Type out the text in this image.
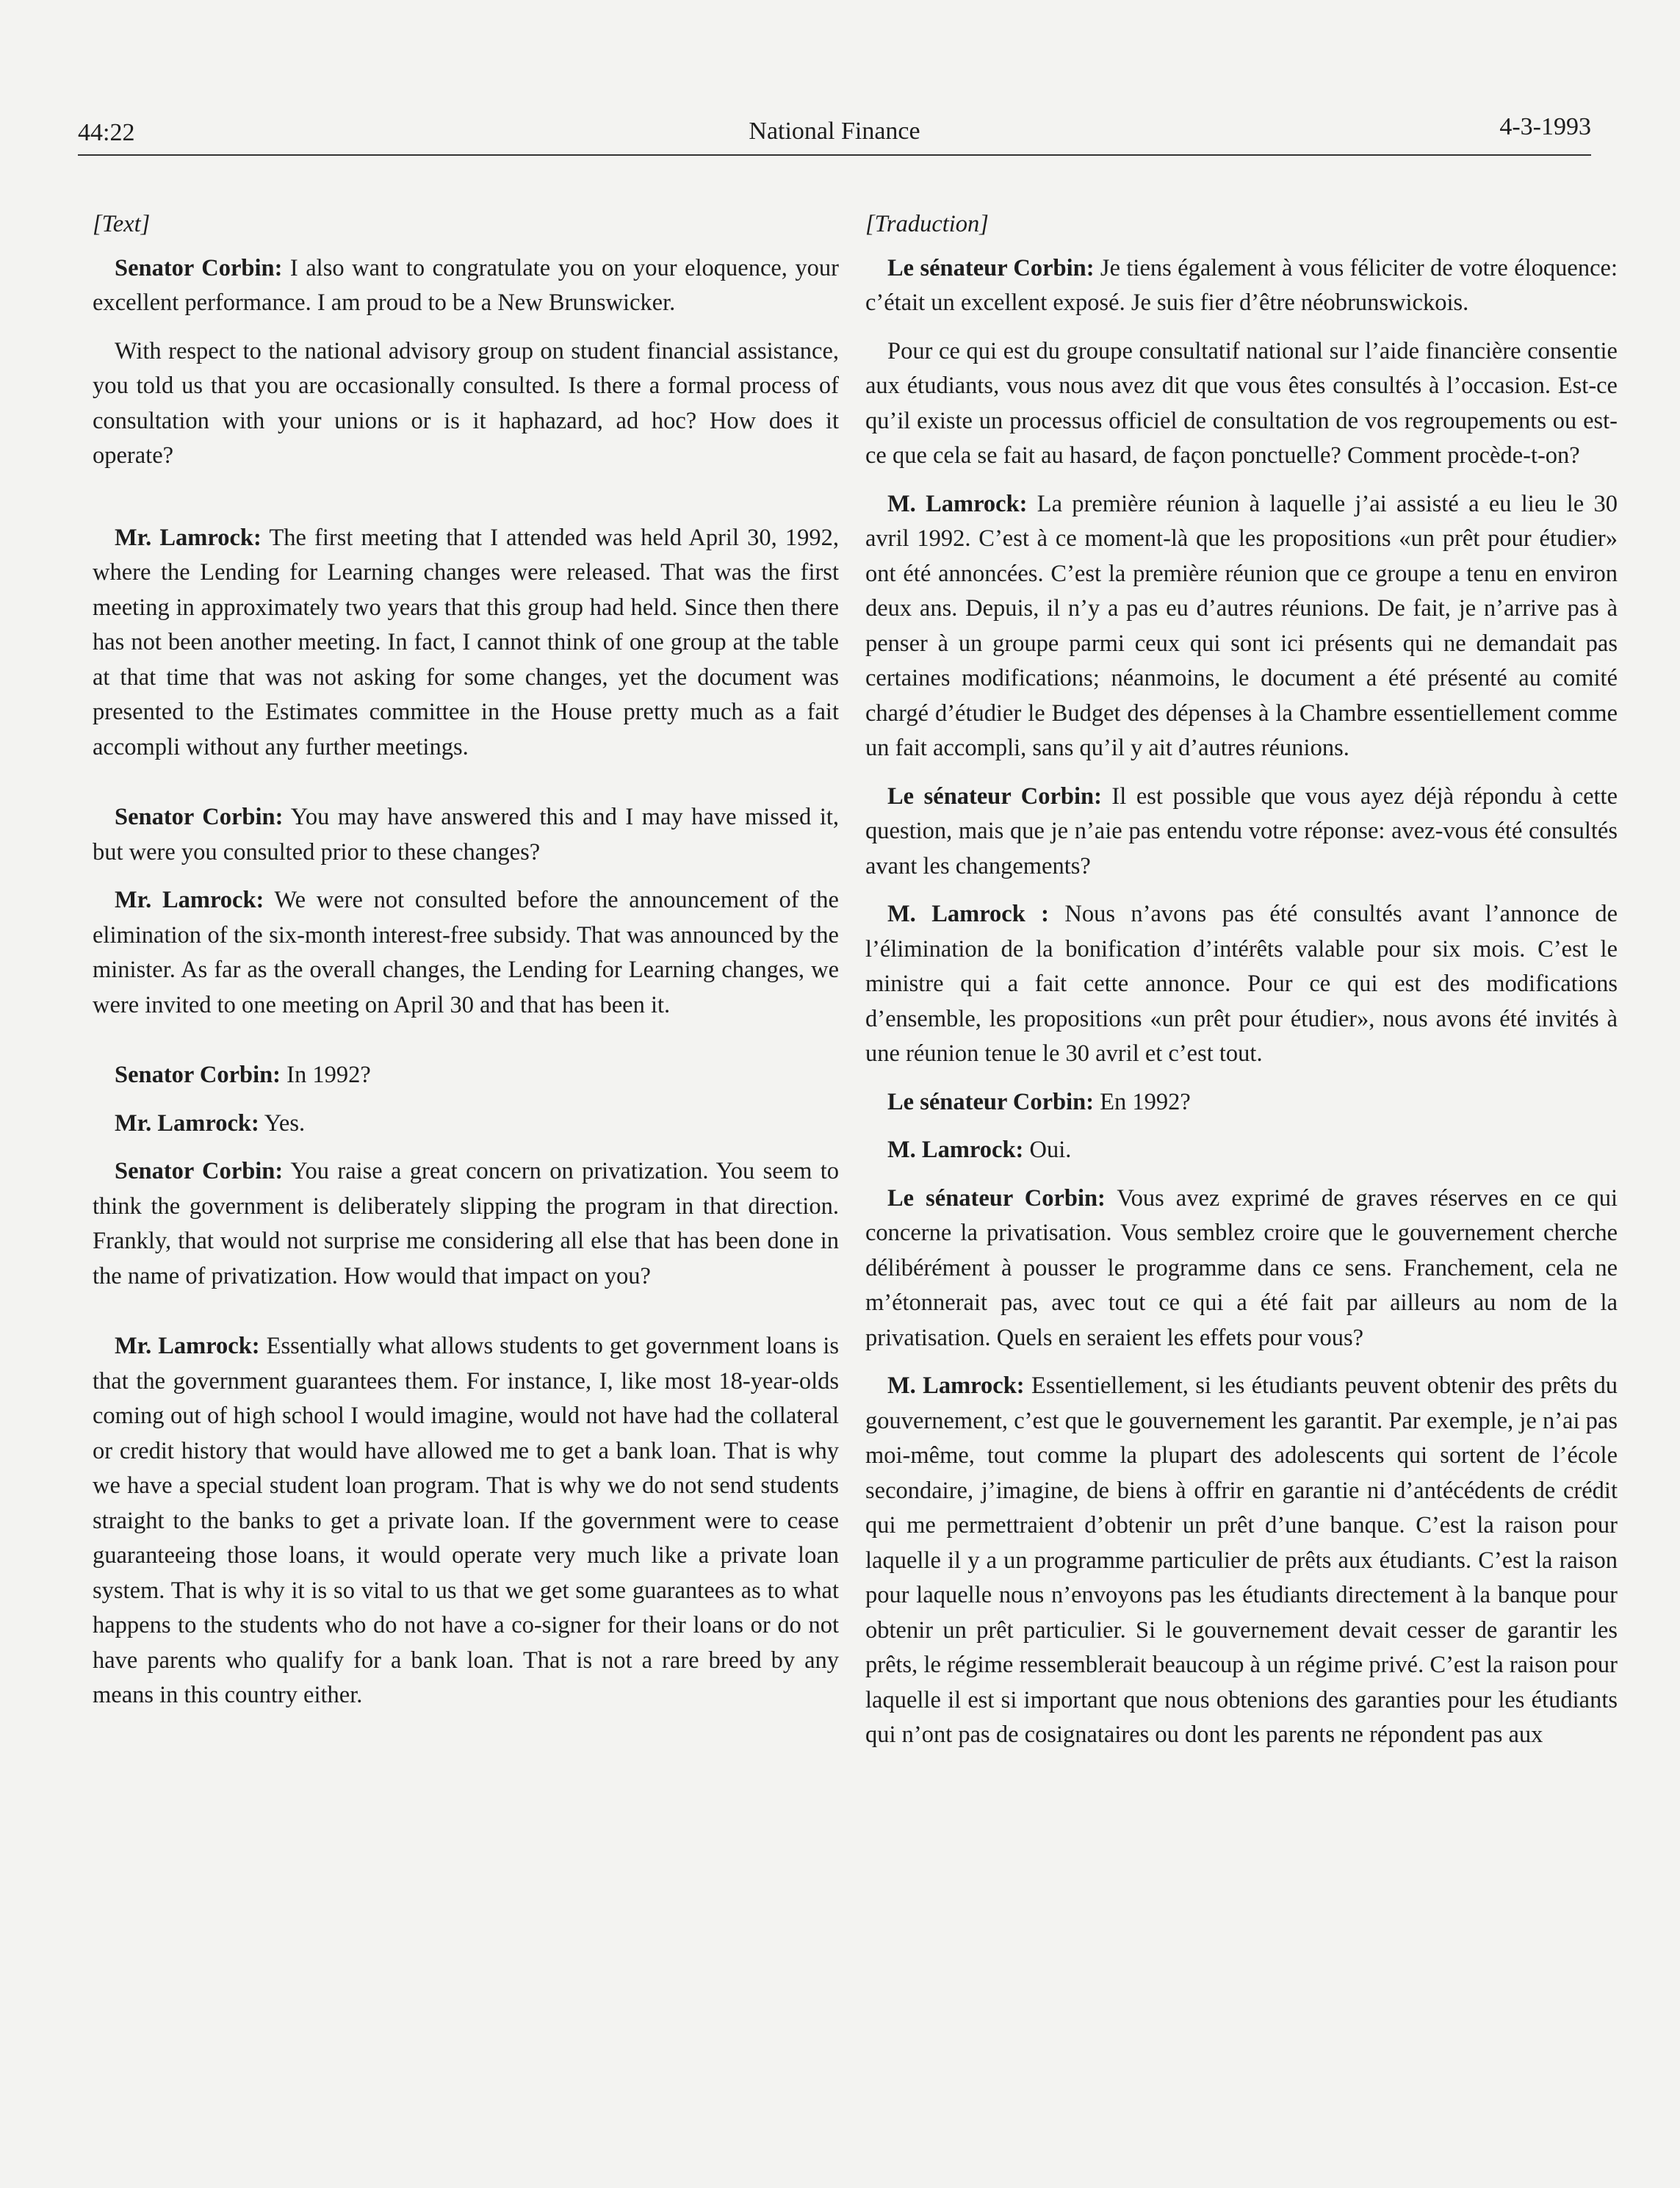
44:22	National Finance	4-3-1993

[Text]

Senator Corbin: I also want to congratulate you on your eloquence, your excellent performance. I am proud to be a New Brunswicker.

With respect to the national advisory group on student financial assistance, you told us that you are occasionally consulted. Is there a formal process of consultation with your unions or is it haphazard, ad hoc? How does it operate?

Mr. Lamrock: The first meeting that I attended was held April 30, 1992, where the Lending for Learning changes were released. That was the first meeting in approximately two years that this group had held. Since then there has not been another meeting. In fact, I cannot think of one group at the table at that time that was not asking for some changes, yet the document was presented to the Estimates committee in the House pretty much as a fait accompli without any further meetings.

Senator Corbin: You may have answered this and I may have missed it, but were you consulted prior to these changes?

Mr. Lamrock: We were not consulted before the announcement of the elimination of the six-month interest-free subsidy. That was announced by the minister. As far as the overall changes, the Lending for Learning changes, we were invited to one meeting on April 30 and that has been it.

Senator Corbin: In 1992?

Mr. Lamrock: Yes.

Senator Corbin: You raise a great concern on privatization. You seem to think the government is deliberately slipping the program in that direction. Frankly, that would not surprise me considering all else that has been done in the name of privatization. How would that impact on you?

Mr. Lamrock: Essentially what allows students to get government loans is that the government guarantees them. For instance, I, like most 18-year-olds coming out of high school I would imagine, would not have had the collateral or credit history that would have allowed me to get a bank loan. That is why we have a special student loan program. That is why we do not send students straight to the banks to get a private loan. If the government were to cease guaranteeing those loans, it would operate very much like a private loan system. That is why it is so vital to us that we get some guarantees as to what happens to the students who do not have a co-signer for their loans or do not have parents who qualify for a bank loan. That is not a rare breed by any means in this country either.

[Traduction]

Le sénateur Corbin: Je tiens également à vous féliciter de votre éloquence: c’était un excellent exposé. Je suis fier d’être néobrunswickois.

Pour ce qui est du groupe consultatif national sur l’aide financière consentie aux étudiants, vous nous avez dit que vous êtes consultés à l’occasion. Est-ce qu’il existe un processus officiel de consultation de vos regroupements ou est-ce que cela se fait au hasard, de façon ponctuelle? Comment procède-t-on?

M. Lamrock: La première réunion à laquelle j’ai assisté a eu lieu le 30 avril 1992. C’est à ce moment-là que les propositions «un prêt pour étudier» ont été annoncées. C’est la première réunion que ce groupe a tenu en environ deux ans. Depuis, il n’y a pas eu d’autres réunions. De fait, je n’arrive pas à penser à un groupe parmi ceux qui sont ici présents qui ne demandait pas certaines modifications; néanmoins, le document a été présenté au comité chargé d’étudier le Budget des dépenses à la Chambre essentiellement comme un fait accompli, sans qu’il y ait d’autres réunions.

Le sénateur Corbin: Il est possible que vous ayez déjà répondu à cette question, mais que je n’aie pas entendu votre réponse: avez-vous été consultés avant les changements?

M. Lamrock : Nous n’avons pas été consultés avant l’annonce de l’élimination de la bonification d’intérêts valable pour six mois. C’est le ministre qui a fait cette annonce. Pour ce qui est des modifications d’ensemble, les propositions «un prêt pour étudier», nous avons été invités à une réunion tenue le 30 avril et c’est tout.

Le sénateur Corbin: En 1992?

M. Lamrock: Oui.

Le sénateur Corbin: Vous avez exprimé de graves réserves en ce qui concerne la privatisation. Vous semblez croire que le gouvernement cherche délibérément à pousser le programme dans ce sens. Franchement, cela ne m’étonnerait pas, avec tout ce qui a été fait par ailleurs au nom de la privatisation. Quels en seraient les effets pour vous?

M. Lamrock: Essentiellement, si les étudiants peuvent obtenir des prêts du gouvernement, c’est que le gouvernement les garantit. Par exemple, je n’ai pas moi-même, tout comme la plupart des adolescents qui sortent de l’école secondaire, j’imagine, de biens à offrir en garantie ni d’antécédents de crédit qui me permettraient d’obtenir un prêt d’une banque. C’est la raison pour laquelle il y a un programme particulier de prêts aux étudiants. C’est la raison pour laquelle nous n’envoyons pas les étudiants directement à la banque pour obtenir un prêt particulier. Si le gouvernement devait cesser de garantir les prêts, le régime ressemblerait beaucoup à un régime privé. C’est la raison pour laquelle il est si important que nous obtenions des garanties pour les étudiants qui n’ont pas de cosignataires ou dont les parents ne répondent pas aux
